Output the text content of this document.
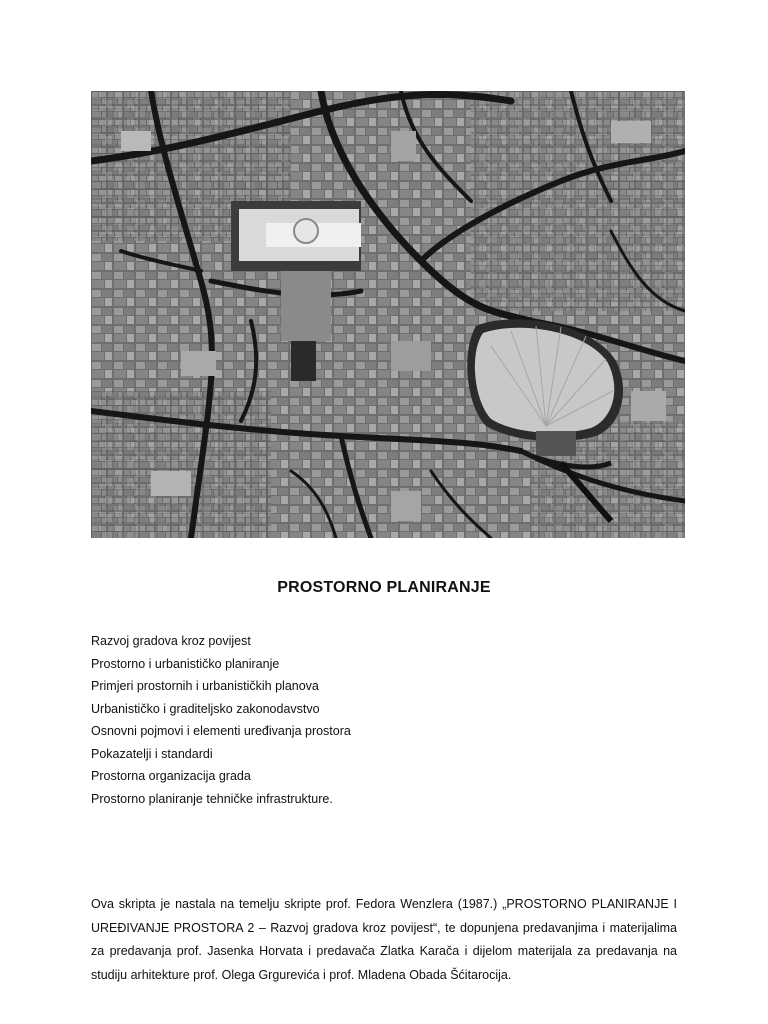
PROSTORNO PLANIRANJE
Razvoj gradova kroz povijest
Prostorno i urbanističko planiranje
Primjeri prostornih i urbanističkih planova
Urbanističko i graditeljsko zakonodavstvo
Osnovni pojmovi i elementi uređivanja prostora
Pokazatelji i standardi
Prostorna organizacija grada
Prostorno planiranje tehničke infrastrukture.

Ova skripta je nastala na temelju skripte prof. Fedora Wenzlera (1987.) „PROSTORNO PLANIRANJE I UREĐIVANJE PROSTORA 2 – Razvoj gradova kroz povijest“, te dopunjena predavanjima i materijalima za predavanja prof. Jasenka Horvata i predavača Zlatka Karača i dijelom materijala za predavanja na studiju arhitekture prof. Olega Grgurevića i prof. Mladena Obada Šćitarocija.
